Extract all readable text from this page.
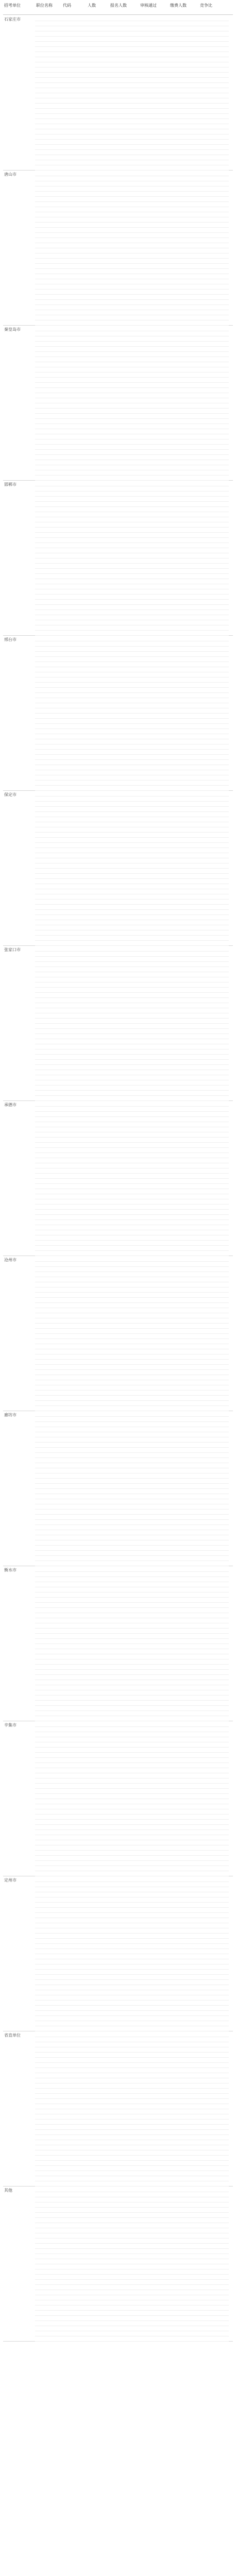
招考单位	职位名称	代码	人数	报名人数	审核通过	缴费人数	竞争比
石家庄市
唐山市
秦皇岛市
邯郸市
邢台市
保定市
张家口市
承德市
沧州市
廊坊市
衡水市
辛集市
定州市
省直单位
其他
